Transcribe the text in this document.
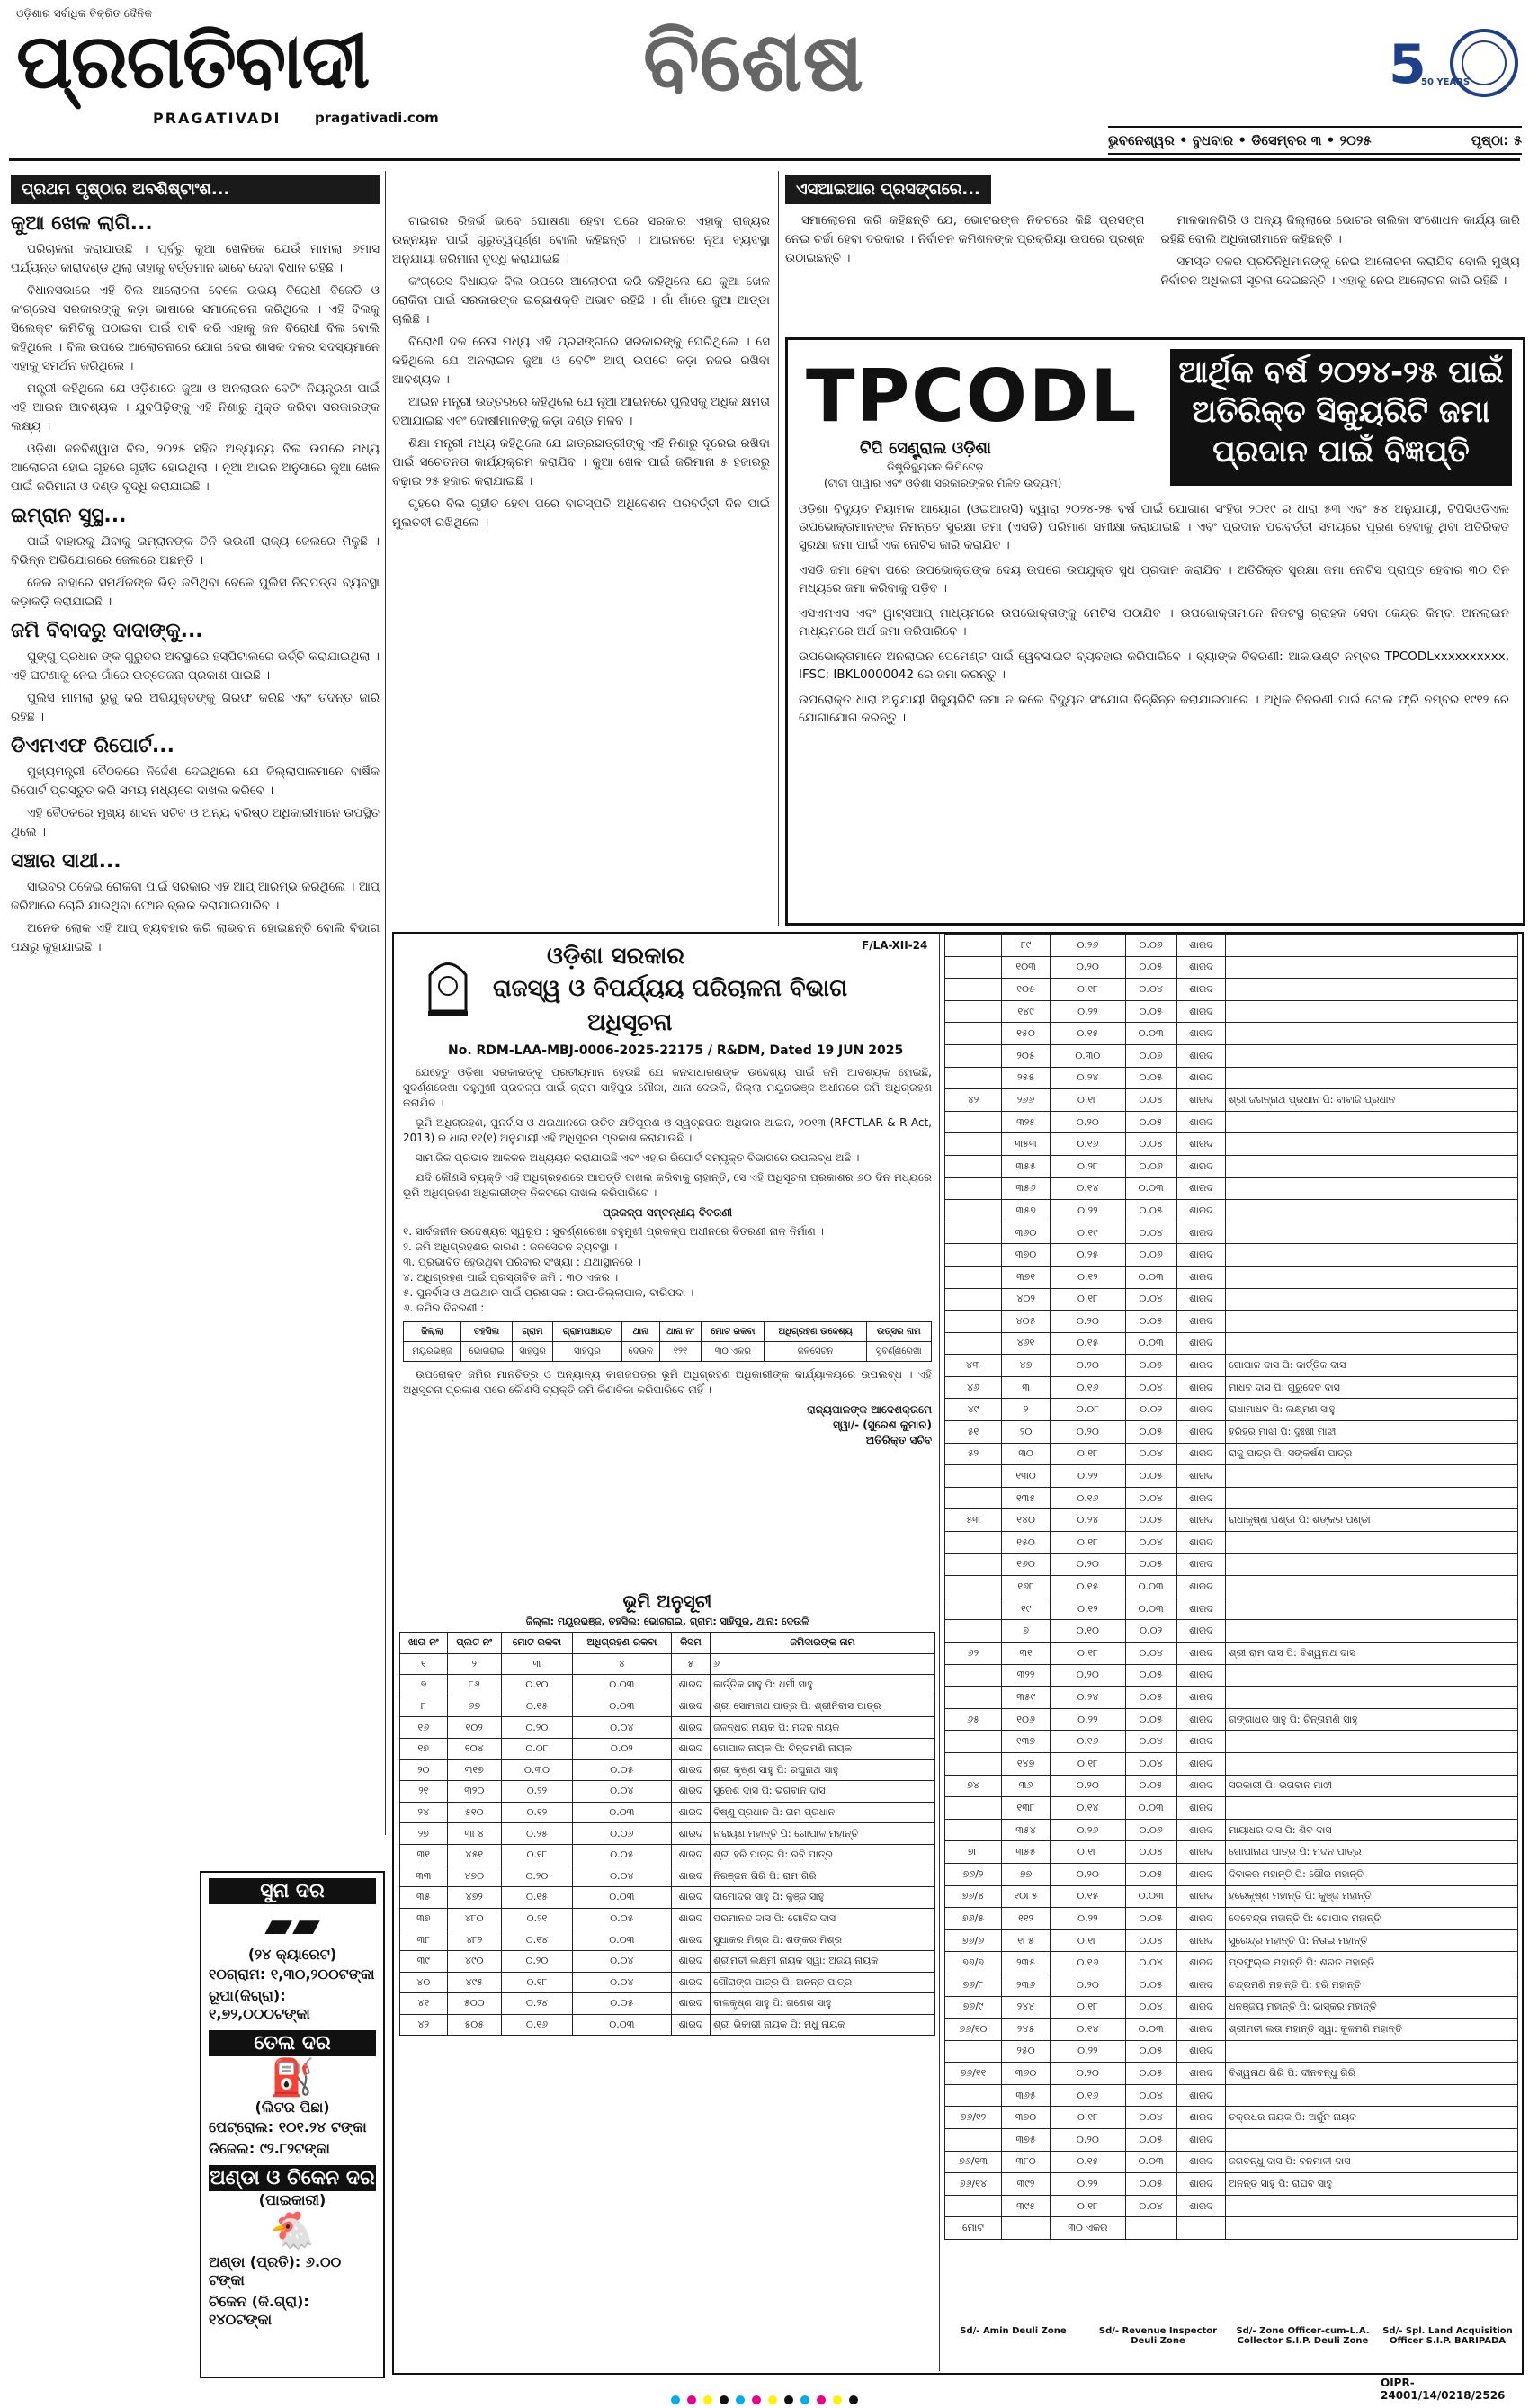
ଓଡ଼ିଶାର ସର୍ବାଧିକ ବିକ୍ରିତ ଦୈନିକ
ପ୍ରଗତିବାଦୀ
PRAGATIVADI	pragativadi.com
ବିଶେଷ	5
50 YEARS
ଭୁବନେଶ୍ୱର • ବୁଧବାର • ଡିସେମ୍ବର ୩ • ୨୦୨୫	ପୃଷ୍ଠା: ୫
ପ୍ରଥମ ପୃଷ୍ଠାର ଅବଶିଷ୍ଟାଂଶ...
କୁଆ ଖେଳ ଲାଗି...

ପରିଚାଳନା କରାଯାଉଛି । ପୂର୍ବରୁ କୁଆ ଖେଳିକେ ଯେଉଁ ମାମଲା ୬ମାସ ପର୍ଯ୍ୟନ୍ତ କାରାଦଣ୍ଡ ଥିଲା ତାହାକୁ ବର୍ତ୍ତମାନ ଭାବେ ଦେବା ବିଧାନ ରହିଛି ।

ବିଧାନସଭାରେ ଏହି ବିଲ ଆଲୋଚନା ବେଳେ ଉଭୟ ବିରୋଧୀ ବିଜେଡି ଓ କଂଗ୍ରେସ ସରକାରଙ୍କୁ କଡ଼ା ଭାଷାରେ ସମାଲୋଚନା କରିଥିଲେ । ଏହି ବିଲକୁ ସିଲେକ୍ଟ କମିଟିକୁ ପଠାଇବା ପାଇଁ ଦାବି କରି ଏହାକୁ ଜନ ବିରୋଧୀ ବିଲ ବୋଲି କହିଥିଲେ । ବିଲ ଉପରେ ଆଲୋଚନାରେ ଯୋଗ ଦେଇ ଶାସକ ଦଳର ସଦସ୍ୟମାନେ ଏହାକୁ ସମର୍ଥନ କରିଥିଲେ ।

ମନ୍ତ୍ରୀ କହିଥିଲେ ଯେ ଓଡ଼ିଶାରେ ଜୁଆ ଓ ଅନଲାଇନ ବେଟିଂ ନିୟନ୍ତ୍ରଣ ପାଇଁ ଏହି ଆଇନ ଆବଶ୍ୟକ । ଯୁବପିଢ଼ିଙ୍କୁ ଏହି ନିଶାରୁ ମୁକ୍ତ କରିବା ସରକାରଙ୍କ ଲକ୍ଷ୍ୟ ।

ଓଡ଼ିଶା ଜନବିଶ୍ୱାସ ବିଲ, ୨୦୨୫ ସହିତ ଅନ୍ୟାନ୍ୟ ବିଲ ଉପରେ ମଧ୍ୟ ଆଲୋଚନା ହୋଇ ଗୃହରେ ଗୃହୀତ ହୋଇଥିଲା । ନୂଆ ଆଇନ ଅନୁସାରେ କୁଆ ଖେଳ ପାଇଁ ଜରିମାନା ଓ ଦଣ୍ଡ ବୃଦ୍ଧି କରାଯାଇଛି ।

ଇମ୍ରାନ ସୁସ୍ଥ...

ପାଇଁ ବାହାରକୁ ଯିବାକୁ ଇମ୍ରାନଙ୍କ ତିନି ଭଉଣୀ ରାଜ୍ୟ ଜେଲରେ ମିଳୁଛି । ବିଭିନ୍ନ ଅଭିଯୋଗରେ ଜେଲରେ ଅଛନ୍ତି ।

ଜେଲ ବାହାରେ ସମର୍ଥକଙ୍କ ଭିଡ଼ ଜମିଥିବା ବେଳେ ପୁଲିସ ନିରାପତ୍ତା ବ୍ୟବସ୍ଥା କଡ଼ାକଡ଼ି କରାଯାଇଛି ।

ଜମି ବିବାଦରୁ ଦାଦାଙ୍କୁ...

ଘୁଙ୍ଗୁ ପ୍ରଧାନ ଙ୍କ ଗୁରୁତର ଅବସ୍ଥାରେ ହସ୍ପିଟାଲରେ ଭର୍ତ୍ତି କରାଯାଇଥିଲା । ଏହି ଘଟଣାକୁ ନେଇ ଗାଁରେ ଉତ୍ତେଜନା ପ୍ରକାଶ ପାଇଛି ।

ପୁଲିସ ମାମଲା ରୁଜୁ କରି ଅଭିଯୁକ୍ତଙ୍କୁ ଗିରଫ କରିଛି ଏବଂ ତଦନ୍ତ ଜାରି ରହିଛି ।

ଡିଏମଏଫ ରିପୋର୍ଟ...

ମୁଖ୍ୟମନ୍ତ୍ରୀ ବୈଠକରେ ନିର୍ଦ୍ଦେଶ ଦେଇଥିଲେ ଯେ ଜିଲ୍ଲାପାଳମାନେ ବାର୍ଷିକ ରିପୋର୍ଟ ପ୍ରସ୍ତୁତ କରି ସମୟ ମଧ୍ୟରେ ଦାଖଲ କରିବେ ।

ଏହି ବୈଠକରେ ମୁଖ୍ୟ ଶାସନ ସଚିବ ଓ ଅନ୍ୟ ବରିଷ୍ଠ ଅଧିକାରୀମାନେ ଉପସ୍ଥିତ ଥିଲେ ।

ସଞ୍ଚାର ସାଥୀ...

ସାଇବର ଠକେଇ ରୋକିବା ପାଇଁ ସରକାର ଏହି ଆପ୍ ଆରମ୍ଭ କରିଥିଲେ । ଆପ୍ ଜରିଆରେ ଚୋରି ଯାଇଥିବା ଫୋନ ବ୍ଲକ କରାଯାଇପାରିବ ।

ଅନେକ ଲୋକ ଏହି ଆପ୍ ବ୍ୟବହାର କରି ଲାଭବାନ ହୋଇଛନ୍ତି ବୋଲି ବିଭାଗ ପକ୍ଷରୁ କୁହାଯାଇଛି ।

ଟାଇଗର ରିଜର୍ଭ ଭାବେ ଘୋଷଣା ହେବା ପରେ ସରକାର ଏହାକୁ ରାଜ୍ୟର ଉନ୍ନୟନ ପାଇଁ ଗୁରୁତ୍ୱପୂର୍ଣ୍ଣ ବୋଲି କହିଛନ୍ତି । ଆଇନରେ ନୂଆ ବ୍ୟବସ୍ଥା ଅନୁଯାୟୀ ଜରିମାନା ବୃଦ୍ଧି କରାଯାଇଛି ।

କଂଗ୍ରେସ ବିଧାୟକ ବିଲ ଉପରେ ଆଲୋଚନା କରି କହିଥିଲେ ଯେ କୁଆ ଖେଳ ରୋକିବା ପାଇଁ ସରକାରଙ୍କ ଇଚ୍ଛାଶକ୍ତି ଅଭାବ ରହିଛି । ଗାଁ ଗାଁରେ ଜୁଆ ଆଡ୍ଡା ଚାଲିଛି ।

ବିରୋଧୀ ଦଳ ନେତା ମଧ୍ୟ ଏହି ପ୍ରସଙ୍ଗରେ ସରକାରଙ୍କୁ ଘେରିଥିଲେ । ସେ କହିଥିଲେ ଯେ ଅନଲାଇନ ଜୁଆ ଓ ବେଟିଂ ଆପ୍ ଉପରେ କଡ଼ା ନଜର ରଖିବା ଆବଶ୍ୟକ ।

ଆଇନ ମନ୍ତ୍ରୀ ଉତ୍ତରରେ କହିଥିଲେ ଯେ ନୂଆ ଆଇନରେ ପୁଲିସକୁ ଅଧିକ କ୍ଷମତା ଦିଆଯାଇଛି ଏବଂ ଦୋଷୀମାନଙ୍କୁ କଡ଼ା ଦଣ୍ଡ ମିଳିବ ।

ଶିକ୍ଷା ମନ୍ତ୍ରୀ ମଧ୍ୟ କହିଥିଲେ ଯେ ଛାତ୍ରଛାତ୍ରୀଙ୍କୁ ଏହି ନିଶାରୁ ଦୂରେଇ ରଖିବା ପାଇଁ ସଚେତନତା କାର୍ଯ୍ୟକ୍ରମ କରାଯିବ । କୁଆ ଖେଳ ପାଇଁ ଜରିମାନା ୫ ହଜାରରୁ ବଢ଼ାଇ ୨୫ ହଜାର କରାଯାଇଛି ।

ଗୃହରେ ବିଲ ଗୃହୀତ ହେବା ପରେ ବାଚସ୍ପତି ଅଧିବେଶନ ପରବର୍ତ୍ତୀ ଦିନ ପାଇଁ ମୁଲତବୀ ରଖିଥିଲେ ।

ଏସଆଇଆର ପ୍ରସଙ୍ଗରେ...

ସମାଲୋଚନା କରି କହିଛନ୍ତି ଯେ, ଭୋଟରଙ୍କ ନିକଟରେ କିଛି ପ୍ରସଙ୍ଗ ନେଇ ଚର୍ଚ୍ଚା ହେବା ଦରକାର । ନିର୍ବାଚନ କମିଶନଙ୍କ ପ୍ରକ୍ରିୟା ଉପରେ ପ୍ରଶ୍ନ ଉଠାଇଛନ୍ତି ।

ମାଳକାନଗିରି ଓ ଅନ୍ୟ ଜିଲ୍ଲାରେ ଭୋଟର ତାଲିକା ସଂଶୋଧନ କାର୍ଯ୍ୟ ଜାରି ରହିଛି ବୋଲି ଅଧିକାରୀମାନେ କହିଛନ୍ତି ।

ସମସ୍ତ ଦଳର ପ୍ରତିନିଧିମାନଙ୍କୁ ନେଇ ଆଲୋଚନା କରାଯିବ ବୋଲି ମୁଖ୍ୟ ନିର୍ବାଚନ ଅଧିକାରୀ ସୂଚନା ଦେଇଛନ୍ତି । ଏହାକୁ ନେଇ ଆଲୋଚନା ଜାରି ରହିଛି ।

TPCODL
ଟିପି ସେଣ୍ଟ୍ରାଲ ଓଡ଼ିଶା
ଡିଷ୍ଟ୍ରିବ୍ୟୁସନ ଲିମିଟେଡ଼
(ଟାଟା ପାୱାର ଏବଂ ଓଡ଼ିଶା ସରକାରଙ୍କର ମିଳିତ ଉଦ୍ୟମ)
ଆର୍ଥିକ ବର୍ଷ ୨୦୨୪-୨୫ ପାଇଁ ଅତିରିକ୍ତ ସିକ୍ୟୁରିଟି ଜମା ପ୍ରଦାନ ପାଇଁ ବିଜ୍ଞପ୍ତି

ଓଡ଼ିଶା ବିଦ୍ୟୁତ ନିୟାମକ ଆୟୋଗ (ଓଇଆରସି) ଦ୍ୱାରା ୨୦୨୪-୨୫ ବର୍ଷ ପାଇଁ ଯୋଗାଣ ସଂହିତା ୨୦୧୯ ର ଧାରା ୫୩ ଏବଂ ୫୪ ଅନୁଯାୟୀ, ଟିପିସିଓଡିଏଲ ଉପଭୋକ୍ତାମାନଙ୍କ ନିମନ୍ତେ ସୁରକ୍ଷା ଜମା (ଏସଡି) ପରିମାଣ ସମୀକ୍ଷା କରାଯାଇଛି । ଏବଂ ପ୍ରଦାନ ପରବର୍ତ୍ତୀ ସମୟରେ ପୂରଣ ହେବାକୁ ଥିବା ଅତିରିକ୍ତ ସୁରକ୍ଷା ଜମା ପାଇଁ ଏକ ନୋଟିସ ଜାରି କରାଯିବ ।

ଏସଡି ଜମା ହେବା ପରେ ଉପଭୋକ୍ତାଙ୍କ ଦେୟ ଉପରେ ଉପଯୁକ୍ତ ସୁଧ ପ୍ରଦାନ କରାଯିବ । ଅତିରିକ୍ତ ସୁରକ୍ଷା ଜମା ନୋଟିସ ପ୍ରାପ୍ତ ହେବାର ୩୦ ଦିନ ମଧ୍ୟରେ ଜମା କରିବାକୁ ପଡ଼ିବ ।

ଏସଏମଏସ ଏବଂ ୱାଟ୍ସଆପ୍ ମାଧ୍ୟମରେ ଉପଭୋକ୍ତାଙ୍କୁ ନୋଟିସ ପଠାଯିବ । ଉପଭୋକ୍ତାମାନେ ନିକଟସ୍ଥ ଗ୍ରାହକ ସେବା କେନ୍ଦ୍ର କିମ୍ବା ଅନଲାଇନ ମାଧ୍ୟମରେ ଅର୍ଥ ଜମା କରିପାରିବେ ।

ଉପଭୋକ୍ତାମାନେ ଅନଲାଇନ ପେମେଣ୍ଟ ପାଇଁ ୱେବସାଇଟ ବ୍ୟବହାର କରିପାରିବେ । ବ୍ୟାଙ୍କ ବିବରଣୀ: ଆକାଉଣ୍ଟ ନମ୍ବର TPCODLxxxxxxxxxx, IFSC: IBKL0000042 ରେ ଜମା କରନ୍ତୁ ।

ଉପରୋକ୍ତ ଧାରା ଅନୁଯାୟୀ ସିକ୍ୟୁରିଟି ଜମା ନ କଲେ ବିଦ୍ୟୁତ ସଂଯୋଗ ବିଚ୍ଛିନ୍ନ କରାଯାଇପାରେ । ଅଧିକ ବିବରଣୀ ପାଇଁ ଟୋଲ ଫ୍ରି ନମ୍ବର ୧୯୧୨ ରେ ଯୋଗାଯୋଗ କରନ୍ତୁ ।

F/LA-XII-24
ଓଡ଼ିଶା ସରକାର
ରାଜସ୍ୱ ଓ ବିପର୍ଯ୍ୟୟ ପରିଚାଳନା ବିଭାଗ
ଅଧିସୂଚନା
No. RDM-LAA-MBJ-0006-2025-22175 / R&DM, Dated 19 JUN 2025

ଯେହେତୁ ଓଡ଼ିଶା ସରକାରଙ୍କୁ ପ୍ରତୀୟମାନ ହେଉଛି ଯେ ଜନସାଧାରଣଙ୍କ ଉଦ୍ଦେଶ୍ୟ ପାଇଁ ଜମି ଆବଶ୍ୟକ ହୋଇଛି, ସୁବର୍ଣ୍ଣରେଖା ବହୁମୁଖୀ ପ୍ରକଳ୍ପ ପାଇଁ ଗ୍ରାମ ସାହିପୁର ମୌଜା, ଥାନା ଦେଉଳି, ଜିଲ୍ଲା ମୟୂରଭଞ୍ଜ ଅଧୀନରେ ଜମି ଅଧିଗ୍ରହଣ କରାଯିବ ।

ଭୂମି ଅଧିଗ୍ରହଣ, ପୁନର୍ବାସ ଓ ଥଇଥାନରେ ଉଚିତ କ୍ଷତିପୂରଣ ଓ ସ୍ୱଚ୍ଛତାର ଅଧିକାର ଆଇନ, ୨୦୧୩ (RFCTLAR & R Act, 2013) ର ଧାରା ୧୧(୧) ଅନୁଯାୟୀ ଏହି ଅଧିସୂଚନା ପ୍ରକାଶ କରାଯାଉଛି ।

ସାମାଜିକ ପ୍ରଭାବ ଆକଳନ ଅଧ୍ୟୟନ କରାଯାଇଛି ଏବଂ ଏହାର ରିପୋର୍ଟ ସମ୍ପୃକ୍ତ ବିଭାଗରେ ଉପଲବ୍ଧ ଅଛି ।

ଯଦି କୌଣସି ବ୍ୟକ୍ତି ଏହି ଅଧିଗ୍ରହଣରେ ଆପତ୍ତି ଦାଖଲ କରିବାକୁ ଚାହାନ୍ତି, ସେ ଏହି ଅଧିସୂଚନା ପ୍ରକାଶର ୬୦ ଦିନ ମଧ୍ୟରେ ଭୂମି ଅଧିଗ୍ରହଣ ଅଧିକାରୀଙ୍କ ନିକଟରେ ଦାଖଲ କରିପାରିବେ ।

ପ୍ରକଳ୍ପ ସମ୍ବନ୍ଧୀୟ ବିବରଣୀ
୧. ସାର୍ବଜନୀନ ଉଦ୍ଦେଶ୍ୟର ସ୍ୱରୂପ : ସୁବର୍ଣ୍ଣରେଖା ବହୁମୁଖୀ ପ୍ରକଳ୍ପ ଅଧୀନରେ ବିତରଣୀ ନାଳ ନିର୍ମାଣ ।
୨. ଜମି ଅଧିଗ୍ରହଣର କାରଣ : ଜଳସେଚନ ବ୍ୟବସ୍ଥା ।
୩. ପ୍ରଭାବିତ ହେଉଥିବା ପରିବାର ସଂଖ୍ୟା : ଯଥାସ୍ଥାନରେ ।
୪. ଅଧିଗ୍ରହଣ ପାଇଁ ପ୍ରସ୍ତାବିତ ଜମି : ୩୦ ଏକର ।
୫. ପୁନର୍ବାସ ଓ ଥଇଥାନ ପାଇଁ ପ୍ରଶାସକ : ଉପ-ଜିଲ୍ଲାପାଳ, ବାରିପଦା ।
୬. ଜମିର ବିବରଣୀ :
ଜିଲ୍ଲା	ତହସିଲ	ଗ୍ରାମ	ଗ୍ରାମପଞ୍ଚାୟତ	ଥାନା	ଥାନା ନଂ	ମୋଟ ରକବା	ଅଧିଗ୍ରହଣ ଉଦ୍ଦେଶ୍ୟ	ଉତ୍ସର ନାମ
ମୟୂରଭଞ୍ଜ	ଭୋଗରାଇ	ସାହିପୁର	ସାହିପୁର	ଦେଉଳି	୧୨୧	୩୦ ଏକର	ଜଳସେଚନ	ସୁବର୍ଣ୍ଣରେଖା

ଉପରୋକ୍ତ ଜମିର ମାନଚିତ୍ର ଓ ଅନ୍ୟାନ୍ୟ କାଗଜପତ୍ର ଭୂମି ଅଧିଗ୍ରହଣ ଅଧିକାରୀଙ୍କ କାର୍ଯ୍ୟାଳୟରେ ଉପଲବ୍ଧ । ଏହି ଅଧିସୂଚନା ପ୍ରକାଶ ପରେ କୌଣସି ବ୍ୟକ୍ତି ଜମି କିଣାବିକା କରିପାରିବେ ନାହିଁ ।

ରାଜ୍ୟପାଳଙ୍କ ଆଦେଶକ୍ରମେ
ସ୍ୱା/- (ସୁରେଶ କୁମାର)
ଅତିରିକ୍ତ ସଚିବ
ଭୂମି ଅନୁସୂଚୀ
ଜିଲ୍ଲା: ମୟୂରଭଞ୍ଜ, ତହସିଲ: ଭୋଗରାଇ, ଗ୍ରାମ: ସାହିପୁର, ଥାନା: ଦେଉଳି
ଖାତା ନଂ	ପ୍ଲଟ ନଂ	ମୋଟ ରକବା	ଅଧିଗ୍ରହଣ ରକବା	କିସମ	ଜମିଦାରଙ୍କ ନାମ
୧	୨	୩	୪	୫	୬
୭	୮୬	୦.୧୦	୦.୦୩	ଶାରଦ	କାର୍ତ୍ତିକ ସାହୁ ପି: ଧର୍ମୀ ସାହୁ
୮	୬୭	୦.୧୫	୦.୦୩	ଶାରଦ	ଶ୍ରୀ ସୋମନାଥ ପାତ୍ର ପି: ଶ୍ରୀନିବାସ ପାତ୍ର
୧୬	୧୦୨	୦.୨୦	୦.୦୪	ଶାରଦ	ଜଳନ୍ଧର ନାୟକ ପି: ମଦନ ନାୟକ
୧୭	୧୦୪	୦.୦୮	୦.୦୨	ଶାରଦ	ଗୋପାଳ ନାୟକ ପି: ଚିନ୍ତାମଣି ନାୟକ
୨୦	୩୧୭	୦.୩୦	୦.୦୫	ଶାରଦ	ଶ୍ରୀ କୃଷ୍ଣ ସାହୁ ପି: ରଘୁନାଥ ସାହୁ
୨୧	୩୨୦	୦.୨୨	୦.୦୪	ଶାରଦ	ସୁରେଶ ଦାସ ପି: ଭଗବାନ ଦାସ
୨୪	୫୧୦	୦.୧୨	୦.୦୩	ଶାରଦ	ବିଷ୍ଣୁ ପ୍ରଧାନ ପି: ରାମ ପ୍ରଧାନ
୨୭	୩୮୪	୦.୨୫	୦.୦୬	ଶାରଦ	ନାରାୟଣ ମହାନ୍ତି ପି: ଗୋପାଳ ମହାନ୍ତି
୩୧	୪୫୧	୦.୧୮	୦.୦୫	ଶାରଦ	ଶ୍ରୀ ହରି ପାତ୍ର ପି: ରବି ପାତ୍ର
୩୩	୪୭୦	୦.୨୦	୦.୦୪	ଶାରଦ	ନିରଞ୍ଜନ ଗିରି ପି: ରାମ ଗିରି
୩୫	୪୭୨	୦.୧୫	୦.୦୩	ଶାରଦ	ଦାମୋଦର ସାହୁ ପି: କୁଞ୍ଜ ସାହୁ
୩୭	୪୮୦	୦.୨୧	୦.୦୫	ଶାରଦ	ପରମାନନ୍ଦ ଦାସ ପି: ଗୋବିନ୍ଦ ଦାସ
୩୮	୪୮୨	୦.୧୪	୦.୦୩	ଶାରଦ	ସୁଧାକର ମିଶ୍ର ପି: ଶଙ୍କର ମିଶ୍ର
୩୯	୪୯୦	୦.୨୦	୦.୦୪	ଶାରଦ	ଶ୍ରୀମତୀ ଲକ୍ଷ୍ମୀ ନାୟକ ସ୍ୱା: ଅଜୟ ନାୟକ
୪୦	୪୯୫	୦.୧୮	୦.୦୪	ଶାରଦ	ଗୌରାଙ୍ଗ ପାତ୍ର ପି: ଅନନ୍ତ ପାତ୍ର
୪୧	୫୦୦	୦.୨୪	୦.୦୫	ଶାରଦ	ବାଳକୃଷ୍ଣ ସାହୁ ପି: ଗଣେଶ ସାହୁ
୪୨	୫୦୫	୦.୧୬	୦.୦୩	ଶାରଦ	ଶ୍ରୀ ଭିକାରୀ ନାୟକ ପି: ମଧୁ ନାୟକ
	୮୯	୦.୨୬	୦.୦୬	ଶାରଦ	
	୧୦୩	୦.୨୦	୦.୦୫	ଶାରଦ	
	୧୦୫	୦.୧୮	୦.୦୪	ଶାରଦ	
	୧୪୯	୦.୨୨	୦.୦୫	ଶାରଦ	
	୧୫୦	୦.୧୫	୦.୦୩	ଶାରଦ	
	୨୦୫	୦.୩୦	୦.୦୭	ଶାରଦ	
	୨୫୫	୦.୨୪	୦.୦୫	ଶାରଦ	
୪୨	୨୬୬	୦.୧୮	୦.୦୪	ଶାରଦ	ଶ୍ରୀ ଜଗନ୍ନାଥ ପ୍ରଧାନ ପି: ବାବାଜି ପ୍ରଧାନ
	୩୨୫	୦.୨୦	୦.୦୫	ଶାରଦ	
	୩୫୩	୦.୧୬	୦.୦୪	ଶାରଦ	
	୩୫୫	୦.୨୮	୦.୦୬	ଶାରଦ	
	୩୫୬	୦.୧୪	୦.୦୩	ଶାରଦ	
	୩୫୭	୦.୨୨	୦.୦୫	ଶାରଦ	
	୩୬୦	୦.୧୯	୦.୦୪	ଶାରଦ	
	୩୭୦	୦.୨୫	୦.୦୬	ଶାରଦ	
	୩୭୧	୦.୧୨	୦.୦୩	ଶାରଦ	
	୪୦୨	୦.୧୮	୦.୦୪	ଶାରଦ	
	୪୦୫	୦.୨୦	୦.୦୫	ଶାରଦ	
	୪୬୧	୦.୧୫	୦.୦୩	ଶାରଦ	
୪୩	୪୭	୦.୨୦	୦.୦୫	ଶାରଦ	ଗୋପାଳ ଦାସ ପି: କାର୍ତ୍ତିକ ଦାସ
୪୬	୩	୦.୧୬	୦.୦୪	ଶାରଦ	ମାଧବ ଦାସ ପି: ଗୁରୁଦେବ ଦାସ
୪୯	୨	୦.୦୮	୦.୦୨	ଶାରଦ	ରାଧାମାଧବ ପି: ଲକ୍ଷ୍ମଣ ସାହୁ
୫୧	୨୦	୦.୨୦	୦.୦୫	ଶାରଦ	ହରିହର ମାଝୀ ପି: ଦୁଃଖୀ ମାଝୀ
୫୨	୩୦	୦.୧୮	୦.୦୪	ଶାରଦ	ରାଜୁ ପାତ୍ର ପି: ସଙ୍କର୍ଷଣ ପାତ୍ର
	୧୩୦	୦.୨୨	୦.୦୫	ଶାରଦ	
	୧୩୫	୦.୧୬	୦.୦୪	ଶାରଦ	
୫୩	୧୪୦	୦.୨୪	୦.୦୫	ଶାରଦ	ରାଧାକୃଷ୍ଣ ପଣ୍ଡା ପି: ଶଙ୍କର ପଣ୍ଡା
	୧୫୦	୦.୧୮	୦.୦୪	ଶାରଦ	
	୧୬୦	୦.୨୦	୦.୦୫	ଶାରଦ	
	୧୬୮	୦.୧୫	୦.୦୩	ଶାରଦ	
	୧୯	୦.୧୨	୦.୦୩	ଶାରଦ	
	୭	୦.୧୦	୦.୦୨	ଶାରଦ	
୬୨	୩୧	୦.୧୮	୦.୦୪	ଶାରଦ	ଶ୍ରୀ ରାମ ଦାସ ପି: ବିଶ୍ୱନାଥ ଦାସ
	୩୨୨	୦.୨୦	୦.୦୫	ଶାରଦ	
	୩୫୯	୦.୨୪	୦.୦୫	ଶାରଦ	
୬୫	୧୦୬	୦.୨୨	୦.୦୫	ଶାରଦ	ଗଙ୍ଗାଧର ସାହୁ ପି: ଚିନ୍ତାମଣି ସାହୁ
	୧୩୭	୦.୧୬	୦.୦୪	ଶାରଦ	
	୧୪୭	୦.୧୮	୦.୦୪	ଶାରଦ	
୭୪	୩୬	୦.୨୦	୦.୦୫	ଶାରଦ	ସରକାରୀ ପି: ଭଗବାନ ମାଝୀ
	୧୩୮	୦.୧୪	୦.୦୩	ଶାରଦ	
	୩୫୪	୦.୨୬	୦.୦୬	ଶାରଦ	ମାୟାଧର ଦାସ ପି: ଶିବ ଦାସ
୭୮	୩୫୫	୦.୧୮	୦.୦୪	ଶାରଦ	ଗୋପୀନାଥ ପାତ୍ର ପି: ମଦନ ପାତ୍ର
୭୬/୨	୭୭	୦.୨୦	୦.୦୫	ଶାରଦ	ଦିବାକର ମହାନ୍ତି ପି: ଗୌର ମହାନ୍ତି
୭୬/୪	୧୦୮୫	୦.୧୫	୦.୦୩	ଶାରଦ	ହରେକୃଷ୍ଣ ମହାନ୍ତି ପି: କୁଞ୍ଜ ମହାନ୍ତି
୭୬/୫	୧୧୨	୦.୨୨	୦.୦୫	ଶାରଦ	ଦେବେନ୍ଦ୍ର ମହାନ୍ତି ପି: ଗୋପାଳ ମହାନ୍ତି
୭୬/୬	୧୮୫	୦.୧୮	୦.୦୪	ଶାରଦ	ସୁରେନ୍ଦ୍ର ମହାନ୍ତି ପି: ନିତାଇ ମହାନ୍ତି
୭୬/୭	୨୩୫	୦.୧୬	୦.୦୪	ଶାରଦ	ପ୍ରଫୁଲ୍ଲ ମହାନ୍ତି ପି: ଶରତ ମହାନ୍ତି
୭୬/୮	୨୩୬	୦.୨୦	୦.୦୫	ଶାରଦ	ଚନ୍ଦ୍ରମଣି ମହାନ୍ତି ପି: ହରି ମହାନ୍ତି
୭୬/୯	୨୪୪	୦.୧୮	୦.୦୪	ଶାରଦ	ଧନଞ୍ଜୟ ମହାନ୍ତି ପି: ଭାସ୍କର ମହାନ୍ତି
୭୬/୧୦	୨୪୫	୦.୧୪	୦.୦୩	ଶାରଦ	ଶ୍ରୀମତୀ ଲତା ମହାନ୍ତି ସ୍ୱା: କୁଳମଣି ମହାନ୍ତି
	୨୫୦	୦.୨୨	୦.୦୫	ଶାରଦ	
୭୬/୧୧	୩୬୦	୦.୨୦	୦.୦୫	ଶାରଦ	ବିଶ୍ୱନାଥ ଗିରି ପି: ଦୀନବନ୍ଧୁ ଗିରି
	୩୬୫	୦.୧୬	୦.୦୪	ଶାରଦ	
୭୬/୧୨	୩୭୦	୦.୧୮	୦.୦୪	ଶାରଦ	ଚକ୍ରଧର ନାୟକ ପି: ଅର୍ଜୁନ ନାୟକ
	୩୭୫	୦.୨୦	୦.୦୫	ଶାରଦ	
୭୬/୧୩	୩୮୦	୦.୧୫	୦.୦୩	ଶାରଦ	ଜଗବନ୍ଧୁ ଦାସ ପି: ବନମାଳୀ ଦାସ
୭୬/୧୪	୩୯୨	୦.୨୨	୦.୦୫	ଶାରଦ	ଅନନ୍ତ ସାହୁ ପି: ରାଘବ ସାହୁ
	୩୯୫	୦.୧୮	୦.୦୪	ଶାରଦ	
ମୋଟ		୩୦ ଏକର			
Sd/- Amin Deuli Zone	Sd/- Revenue Inspector Deuli Zone
Sd/- Zone Officer-cum-L.A. Collector S.I.P. Deuli Zone
Sd/- Spl. Land Acquisition Officer S.I.P. BARIPADA
OIPR-24001/14/0218/2526
ସୁନା ଦର
▰▰
(୨୪ କ୍ୟାରେଟ)
୧୦ଗ୍ରାମ: ୧,୩୦,୨୦୦ଟଙ୍କା
ରୂପା(କିଗ୍ରା): ୧,୭୨,୦୦୦ଟଙ୍କା
ତେଲ ଦର
⛽
(ଲିଟର ପିଛା)
ପେଟ୍ରୋଲ: ୧୦୧.୨୪ ଟଙ୍କା
ଡିଜେଲ: ୯୨.୮୨ଟଙ୍କା
ଅଣ୍ଡା ଓ ଚିକେନ ଦର
(ପାଇକାରୀ)
🐔
ଅଣ୍ଡା (ପ୍ରତି): ୬.୦୦ ଟଙ୍କା
ଚିକେନ (କି.ଗ୍ରା): ୧୪୦ଟଙ୍କା
